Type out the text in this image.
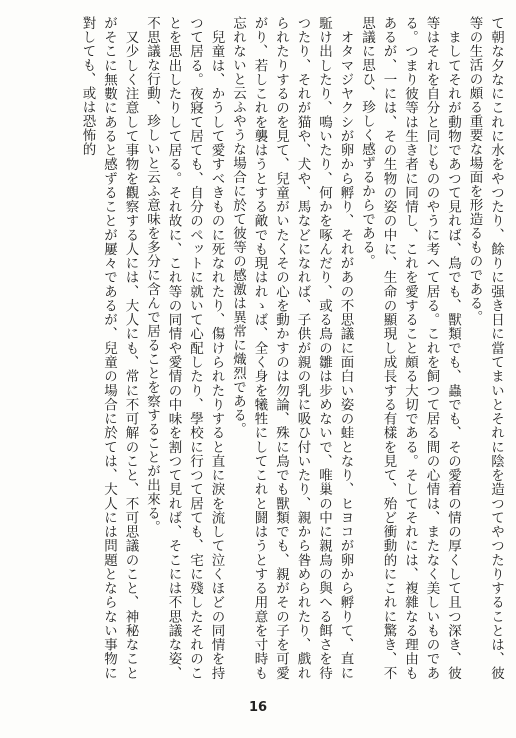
て朝な夕なにこれに水をやつたり、餘りに强き日に當てまいとそれに陰を造つてやつたりすることは、彼等の生活の頗る重要な場面を形造るものである。

　ましてそれが動物であつて見れば、鳥でも、獸類でも、蟲でも、その愛着の情の厚くして且つ深き、彼等はそれを自分と同じもののやうに考へて居る。これを飼つて居る間の心情は、またなく美しいものである。つまり彼等は生き者に同情し、これを愛すること頗る大切である。そしてそれには、複雜なる理由もあるが、一には、その生物の姿の中に、生命の顯現し成長する有樣を見て、殆ど衝動的にこれに驚き、不思議に思ひ、珍しく感ずるからである。

　オタマジヤクシが卵から孵り、それがあの不思議に面白い姿の蛙となり、ヒヨコが卵から孵りて、直に駈け出したり、鳴いたり、何かを啄んだり、或る鳥の雛は步めないで、唯巢の中に親鳥の與へる餌さを待つたり、それが猫や、犬や、馬などになれば、子供が親の乳に吸ひ付いたり、親から昝められたり、戲れられたりするのを見て、兒童がいたくその心を動かすのは勿論、殊に鳥でも獸類でも、親がその子を可愛がり、若しこれを襲はうとする敵でも現はれゝば、全く身を犧牲にしてこれと鬪はうとする用意を寸時も忘れないと云ふやうな場合に於て彼等の感激は異常に熾烈である。

　兒童は、かうして愛すべきものに死なれたり、傷けられたりすると直に淚を流して泣くほどの同情を持つて居る。夜寢て居ても、自分のペットに就いて心配したり、學校に行つて居ても、宅に殘したそれのことを思出したりして居る。それ故に、これ等の同情や愛情の中味を割つて見れば、そこには不思議な姿、不思議な行動、珍しいと云ふ意味を多分に含んで居ることを察することが出來る。

　又少しく注意して事物を觀察する人には、大人にも、常に不可解のこと、不可思議のこと、神秘なことがそこに無數にあると感ずることが屢々であるが、兒童の場合に於ては、大人には問題とならない事物に對しても、或は恐怖的

16
